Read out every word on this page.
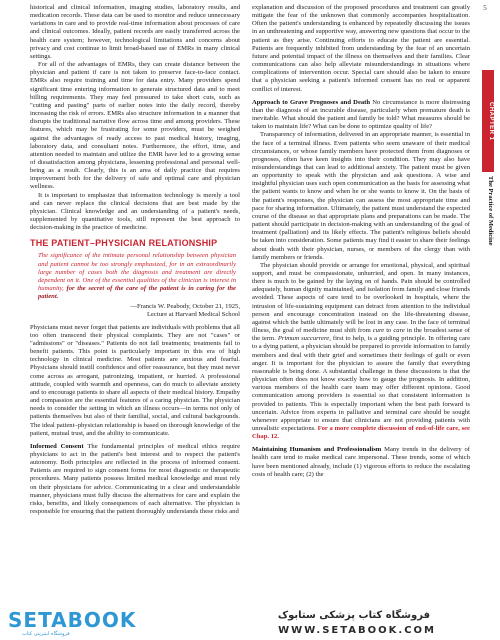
5
CHAPTER 1
The Practice of Medicine

historical and clinical information, imaging studies, laboratory results, and medication records. These data can be used to monitor and reduce unnecessary variations in care and to provide real-time information about processes of care and clinical outcomes. Ideally, patient records are easily transferred across the health care system; however, technological limitations and concerns about privacy and cost continue to limit broad-based use of EMRs in many clinical settings.

For all of the advantages of EMRs, they can create distance between the physician and patient if care is not taken to preserve face-to-face contact. EMRs also require training and time for data entry. Many providers spend significant time entering information to generate structured data and to meet billing requirements. They may feel pressured to take short cuts, such as "cutting and pasting" parts of earlier notes into the daily record, thereby increasing the risk of errors. EMRs also structure information in a manner that disrupts the traditional narrative flow across time and among providers. These features, which may be frustrating for some providers, must be weighed against the advantages of ready access to past medical history, imaging, laboratory data, and consultant notes. Furthermore, the effort, time, and attention needed to maintain and utilize the EMR have led to a growing sense of dissatisfaction among physicians, lessening professional and personal well-being as a result. Clearly, this is an area of daily practice that requires improvement both for the delivery of safe and optimal care and physician wellness.

It is important to emphasize that information technology is merely a tool and can never replace the clinical decisions that are best made by the physician. Clinical knowledge and an understanding of a patient's needs, supplemented by quantitative tools, still represent the best approach to decision-making in the practice of medicine.

THE PATIENT–PHYSICIAN RELATIONSHIP
The significance of the intimate personal relationship between physician and patient cannot be too strongly emphasized, for in an extraordinarily large number of cases both the diagnosis and treatment are directly dependent on it. One of the essential qualities of the clinician is interest in humanity, for the secret of the care of the patient is in caring for the patient.
—Francis W. Peabody, October 21, 1925,
Lecture at Harvard Medical School

Physicians must never forget that patients are individuals with problems that all too often transcend their physical complaints. They are not "cases" or "admissions" or "diseases." Patients do not fail treatments; treatments fail to benefit patients. This point is particularly important in this era of high technology in clinical medicine. Most patients are anxious and fearful. Physicians should instill confidence and offer reassurance, but they must never come across as arrogant, patronizing, impatient, or hurried. A professional attitude, coupled with warmth and openness, can do much to alleviate anxiety and to encourage patients to share all aspects of their medical history. Empathy and compassion are the essential features of a caring physician. The physician needs to consider the setting in which an illness occurs—in terms not only of patients themselves but also of their familial, social, and cultural backgrounds. The ideal patient–physician relationship is based on thorough knowledge of the patient, mutual trust, and the ability to communicate.

Informed Consent The fundamental principles of medical ethics require physicians to act in the patient's best interest and to respect the patient's autonomy. Both principles are reflected in the process of informed consent. Patients are required to sign consent forms for most diagnostic or therapeutic procedures. Many patients possess limited medical knowledge and must rely on their physicians for advice. Communicating in a clear and understandable manner, physicians must fully discuss the alternatives for care and explain the risks, benefits, and likely consequences of each alternative. The physician is responsible for ensuring that the patient thoroughly understands these risks and

explanation and discussion of the proposed procedures and treatment can greatly mitigate the fear of the unknown that commonly accompanies hospitalization. Often the patient's understanding is enhanced by repeatedly discussing the issues in an unthreatening and supportive way, answering new questions that occur to the patient as they arise. Continuing efforts to educate the patient are essential. Patients are frequently inhibited from understanding by the fear of an uncertain future and potential impact of the illness on themselves and their families. Clear communications can also help alleviate misunderstandings in situations where complications of intervention occur. Special care should also be taken to ensure that a physician seeking a patient's informed consent has no real or apparent conflict of interest.

Approach to Grave Prognoses and Death No circumstance is more distressing than the diagnosis of an incurable disease, particularly when premature death is inevitable. What should the patient and family be told? What measures should be taken to maintain life? What can be done to optimize quality of life?

Transparency of information, delivered in an appropriate manner, is essential in the face of a terminal illness. Even patients who seem unaware of their medical circumstances, or whose family members have protected them from diagnoses or prognoses, often have keen insights into their condition. They may also have misunderstandings that can lead to additional anxiety. The patient must be given an opportunity to speak with the physician and ask questions. A wise and insightful physician uses such open communication as the basis for assessing what the patient wants to know and when he or she wants to know it. On the basis of the patient's responses, the physician can assess the most appropriate time and pace for sharing information. Ultimately, the patient must understand the expected course of the disease so that appropriate plans and preparations can be made. The patient should participate in decision-making with an understanding of the goal of treatment (palliation) and its likely effects. The patient's religious beliefs should be taken into consideration. Some patients may find it easier to share their feelings about death with their physician, nurses, or members of the clergy than with family members or friends.

The physician should provide or arrange for emotional, physical, and spiritual support, and must be compassionate, unhurried, and open. In many instances, there is much to be gained by the laying on of hands. Pain should be controlled adequately, human dignity maintained, and isolation from family and close friends avoided. These aspects of care tend to be overlooked in hospitals, where the intrusion of life-sustaining equipment can detract from attention to the individual person and encourage concentration instead on the life-threatening disease, against which the battle ultimately will be lost in any case. In the face of terminal illness, the goal of medicine must shift from cure to care in the broadest sense of the term. Primum succurrere, first to help, is a guiding principle. In offering care to a dying patient, a physician should be prepared to provide information to family members and deal with their grief and sometimes their feelings of guilt or even anger. It is important for the physician to assure the family that everything reasonable is being done. A substantial challenge in these discussions is that the physician often does not know exactly how to gauge the prognosis. In addition, various members of the health care team may offer different opinions. Good communication among providers is essential so that consistent information is provided to patients. This is especially important when the best path forward is uncertain. Advice from experts in palliative and terminal care should be sought whenever appropriate to ensure that clinicians are not providing patients with unrealistic expectations. For a more complete discussion of end-of-life care, see Chap. 12.

Maintaining Humanism and Professionalism Many trends in the delivery of health care tend to make medical care impersonal. These trends, some of which have been mentioned already, include (1) vigorous efforts to reduce the escalating costs of health care; (2) the

SETABOOK
فروشگاه اینترنتی کتاب
فروشگاه کتاب پزشکی ستابوک
WWW.SETABOOK.COM
